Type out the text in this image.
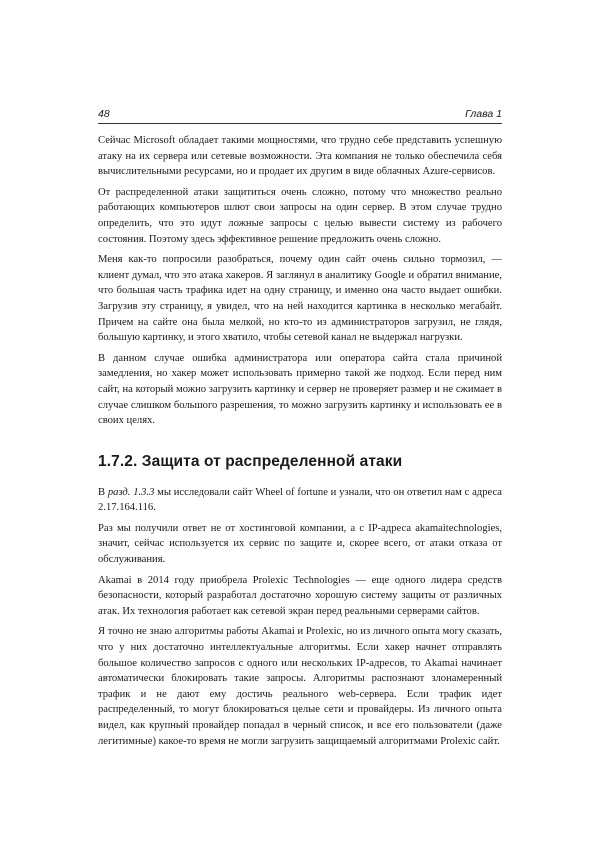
48	Глава 1

Сейчас Microsoft обладает такими мощностями, что трудно себе представить успешную атаку на их сервера или сетевые возможности. Эта компания не только обеспечила себя вычислительными ресурсами, но и продает их другим в виде облачных Azure-сервисов.

От распределенной атаки защититься очень сложно, потому что множество реально работающих компьютеров шлют свои запросы на один сервер. В этом случае трудно определить, что это идут ложные запросы с целью вывести систему из рабочего состояния. Поэтому здесь эффективное решение предложить очень сложно.

Меня как-то попросили разобраться, почему один сайт очень сильно тормозил, — клиент думал, что это атака хакеров. Я заглянул в аналитику Google и обратил внимание, что большая часть трафика идет на одну страницу, и именно она часто выдает ошибки. Загрузив эту страницу, я увидел, что на ней находится картинка в несколько мегабайт. Причем на сайте она была мелкой, но кто-то из администраторов загрузил, не глядя, большую картинку, и этого хватило, чтобы сетевой канал не выдержал нагрузки.

В данном случае ошибка администратора или оператора сайта стала причиной замедления, но хакер может использовать примерно такой же подход. Если перед ним сайт, на который можно загрузить картинку и сервер не проверяет размер и не сжимает в случае слишком большого разрешения, то можно загрузить картинку и использовать ее в своих целях.

1.7.2. Защита от распределенной атаки

В разд. 1.3.3 мы исследовали сайт Wheel of fortune и узнали, что он ответил нам с адреса 2.17.164.116.

Раз мы получили ответ не от хостинговой компании, а с IP-адреса akamaitechnologies, значит, сейчас используется их сервис по защите и, скорее всего, от атаки отказа от обслуживания.

Akamai в 2014 году приобрела Prolexic Technologies — еще одного лидера средств безопасности, который разработал достаточно хорошую систему защиты от различных атак. Их технология работает как сетевой экран перед реальными серверами сайтов.

Я точно не знаю алгоритмы работы Akamai и Prolexic, но из личного опыта могу сказать, что у них достаточно интеллектуальные алгоритмы. Если хакер начнет отправлять большое количество запросов с одного или нескольких IP-адресов, то Akamai начинает автоматически блокировать такие запросы. Алгоритмы распознают злонамеренный трафик и не дают ему достичь реального web-сервера. Если трафик идет распределенный, то могут блокироваться целые сети и провайдеры. Из личного опыта видел, как крупный провайдер попадал в черный список, и все его пользователи (даже легитимные) какое-то время не могли загрузить защищаемый алгоритмами Prolexic сайт.
